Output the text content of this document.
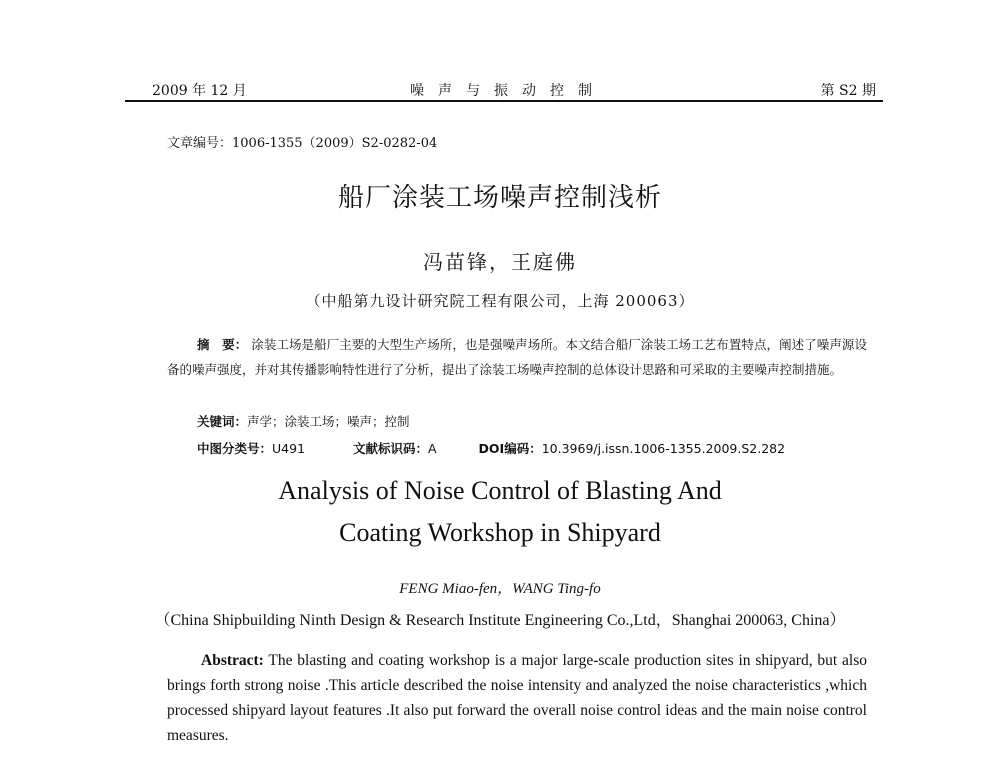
2009 年 12 月	噪声与振动控制	第 S2 期
文章编号：1006-1355（2009）S2-0282-04
船厂涂装工场噪声控制浅析
冯苗锋，王庭佛
（中船第九设计研究院工程有限公司，上海 200063）
摘　要： 涂装工场是船厂主要的大型生产场所，也是强噪声场所。本文结合船厂涂装工场工艺布置特点，阐述了噪声源设备的噪声强度，并对其传播影响特性进行了分析，提出了涂装工场噪声控制的总体设计思路和可采取的主要噪声控制措施。
关键词：声学；涂装工场；噪声；控制
中图分类号：U491	文献标识码：A	DOI编码：10.3969/j.issn.1006-1355.2009.S2.282
Analysis of Noise Control of Blasting And
Coating Workshop in Shipyard
FENG Miao-fen，WANG Ting-fo
（China Shipbuilding Ninth Design & Research Institute Engineering Co.,Ltd，Shanghai 200063, China）
Abstract: The blasting and coating workshop is a major large-scale production sites in shipyard, but also brings forth strong noise .This article described the noise intensity and analyzed the noise characteristics ,which processed shipyard layout features .It also put forward the overall noise control ideas and the main noise control measures.
